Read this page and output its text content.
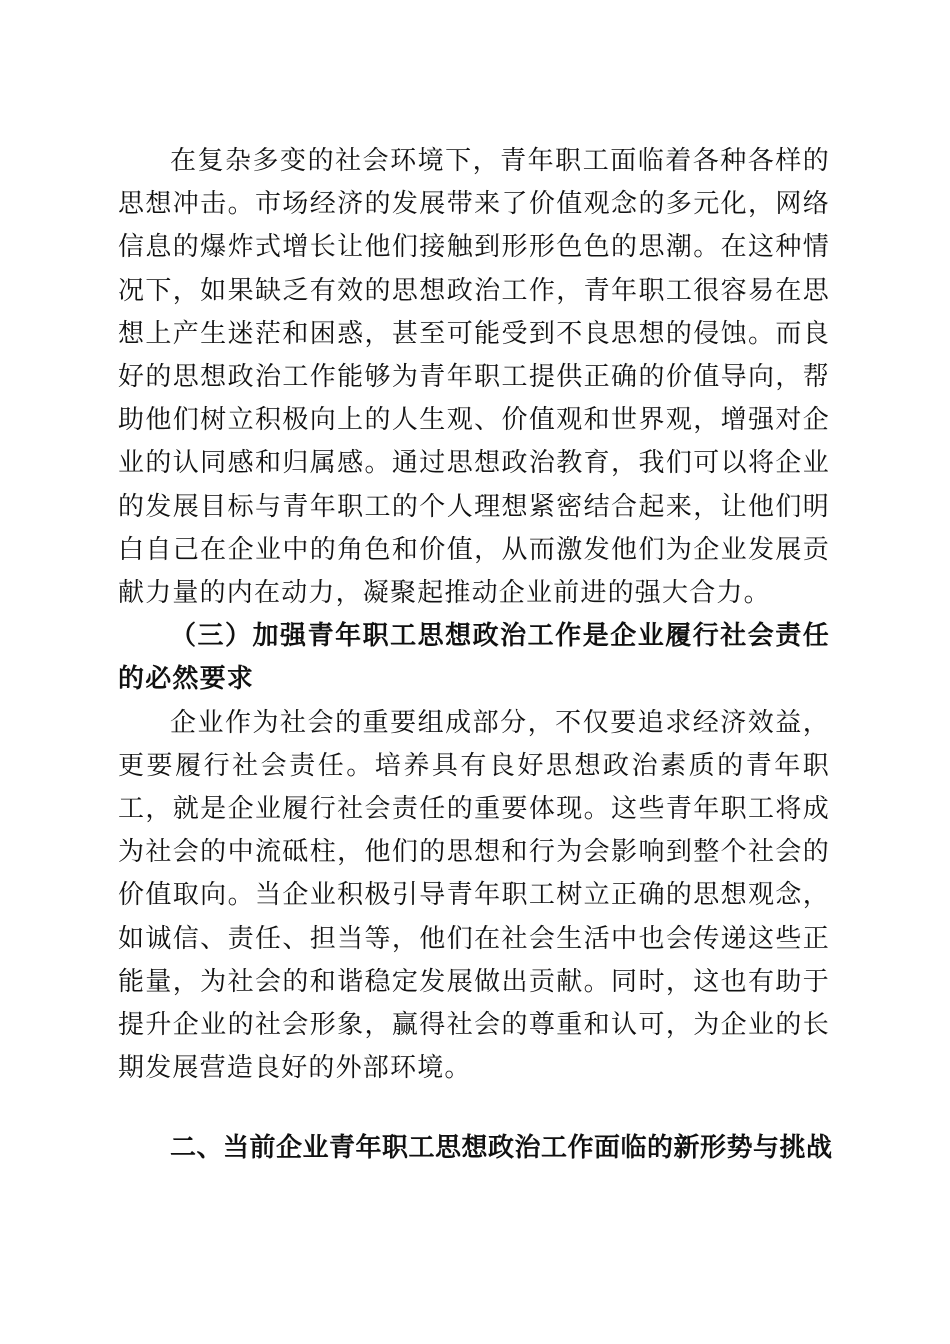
在复杂多变的社会环境下，青年职工面临着各种各样的思想冲击。市场经济的发展带来了价值观念的多元化，网络信息的爆炸式增长让他们接触到形形色色的思潮。在这种情况下，如果缺乏有效的思想政治工作，青年职工很容易在思想上产生迷茫和困惑，甚至可能受到不良思想的侵蚀。而良好的思想政治工作能够为青年职工提供正确的价值导向，帮助他们树立积极向上的人生观、价值观和世界观，增强对企业的认同感和归属感。通过思想政治教育，我们可以将企业的发展目标与青年职工的个人理想紧密结合起来，让他们明白自己在企业中的角色和价值，从而激发他们为企业发展贡献力量的内在动力，凝聚起推动企业前进的强大合力。

（三）加强青年职工思想政治工作是企业履行社会责任的必然要求

企业作为社会的重要组成部分，不仅要追求经济效益，更要履行社会责任。培养具有良好思想政治素质的青年职工，就是企业履行社会责任的重要体现。这些青年职工将成为社会的中流砥柱，他们的思想和行为会影响到整个社会的价值取向。当企业积极引导青年职工树立正确的思想观念，如诚信、责任、担当等，他们在社会生活中也会传递这些正能量，为社会的和谐稳定发展做出贡献。同时，这也有助于提升企业的社会形象，赢得社会的尊重和认可，为企业的长期发展营造良好的外部环境。

二、当前企业青年职工思想政治工作面临的新形势与挑战
